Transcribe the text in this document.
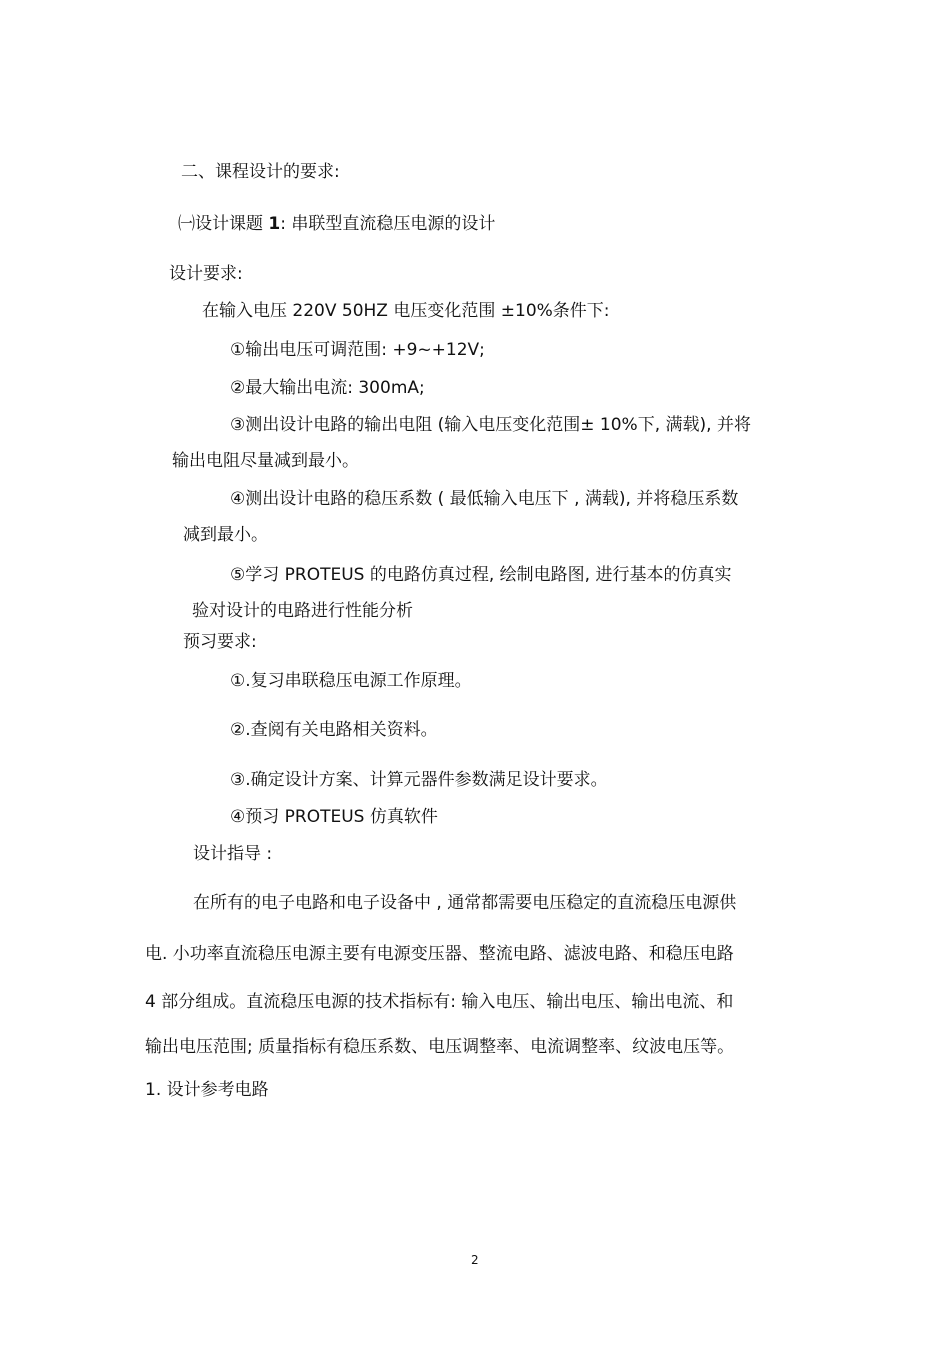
二、课程设计的要求:
㈠设计课题 1: 串联型直流稳压电源的设计
设计要求:
在输入电压 220V 50HZ 电压变化范围 ±10%条件下:
①输出电压可调范围: +9~+12V;
②最大输出电流: 300mA;
③测出设计电路的输出电阻 (输入电压变化范围± 10%下, 满载), 并将
输出电阻尽量减到最小。
④测出设计电路的稳压系数 ( 最低输入电压下 , 满载), 并将稳压系数
减到最小。
⑤学习 PROTEUS 的电路仿真过程, 绘制电路图, 进行基本的仿真实
验对设计的电路进行性能分析
预习要求:
①.复习串联稳压电源工作原理。
②.查阅有关电路相关资料。
③.确定设计方案、计算元器件参数满足设计要求。
④预习 PROTEUS 仿真软件
设计指导 :
在所有的电子电路和电子设备中 , 通常都需要电压稳定的直流稳压电源供
电. 小功率直流稳压电源主要有电源变压器、整流电路、滤波电路、和稳压电路
4 部分组成。直流稳压电源的技术指标有: 输入电压、输出电压、输出电流、和
输出电压范围; 质量指标有稳压系数、电压调整率、电流调整率、纹波电压等。
1. 设计参考电路
2
